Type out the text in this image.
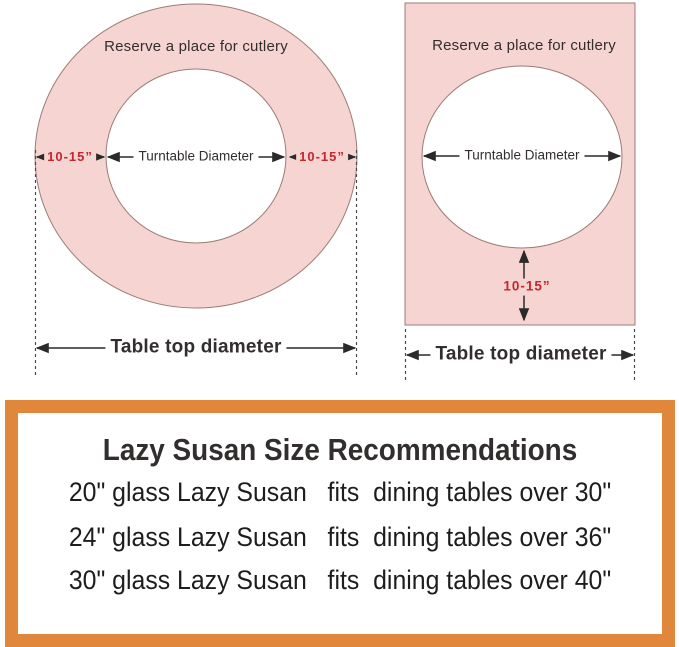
Reserve a place for cutlery
10-15”	Turntable Diameter	10-15”
Table top diameter
Reserve a place for cutlery
Turntable Diameter
10-15”
Table top diameter
Lazy Susan Size Recommendations
20" glass Lazy Susan   fits  dining tables over 30"
24" glass Lazy Susan   fits  dining tables over 36"
30" glass Lazy Susan   fits  dining tables over 40"
